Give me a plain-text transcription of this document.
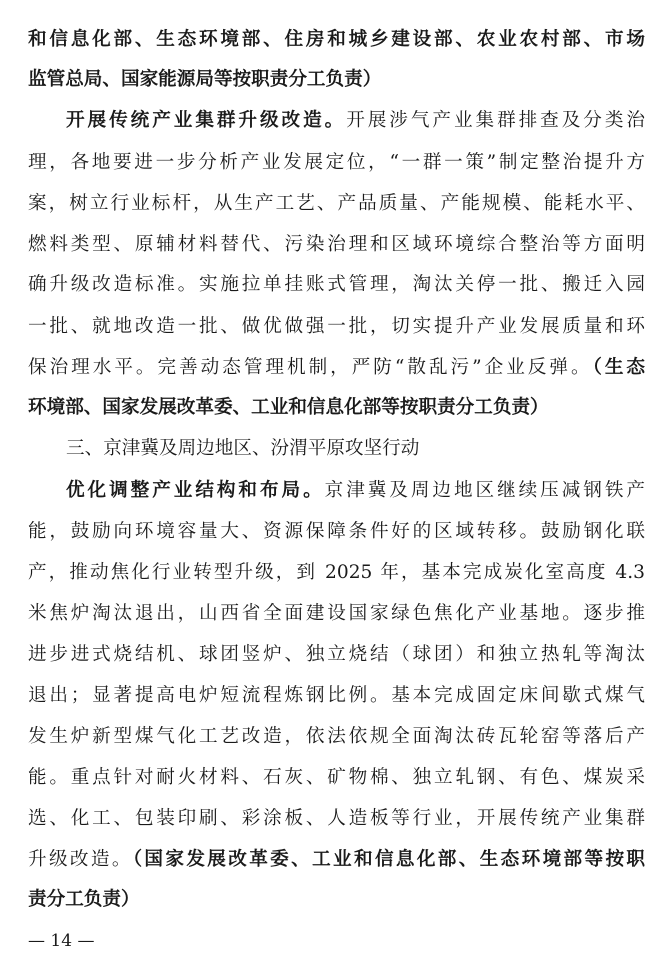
和信息化部、生态环境部、住房和城乡建设部、农业农村部、市场
监管总局、国家能源局等按职责分工负责）
开展传统产业集群升级改造。开展涉气产业集群排查及分类治
理，各地要进一步分析产业发展定位，“一群一策”制定整治提升方
案，树立行业标杆，从生产工艺、产品质量、产能规模、能耗水平、
燃料类型、原辅材料替代、污染治理和区域环境综合整治等方面明
确升级改造标准。实施拉单挂账式管理，淘汰关停一批、搬迁入园
一批、就地改造一批、做优做强一批，切实提升产业发展质量和环
保治理水平。完善动态管理机制，严防“散乱污”企业反弹。（生态
环境部、国家发展改革委、工业和信息化部等按职责分工负责）
三、京津冀及周边地区、汾渭平原攻坚行动
优化调整产业结构和布局。京津冀及周边地区继续压减钢铁产
能，鼓励向环境容量大、资源保障条件好的区域转移。鼓励钢化联
产，推动焦化行业转型升级，到 2025 年，基本完成炭化室高度 4.3
米焦炉淘汰退出，山西省全面建设国家绿色焦化产业基地。逐步推
进步进式烧结机、球团竖炉、独立烧结（球团）和独立热轧等淘汰
退出；显著提高电炉短流程炼钢比例。基本完成固定床间歇式煤气
发生炉新型煤气化工艺改造，依法依规全面淘汰砖瓦轮窑等落后产
能。重点针对耐火材料、石灰、矿物棉、独立轧钢、有色、煤炭采
选、化工、包装印刷、彩涂板、人造板等行业，开展传统产业集群
升级改造。（国家发展改革委、工业和信息化部、生态环境部等按职
责分工负责）
— 14 —
